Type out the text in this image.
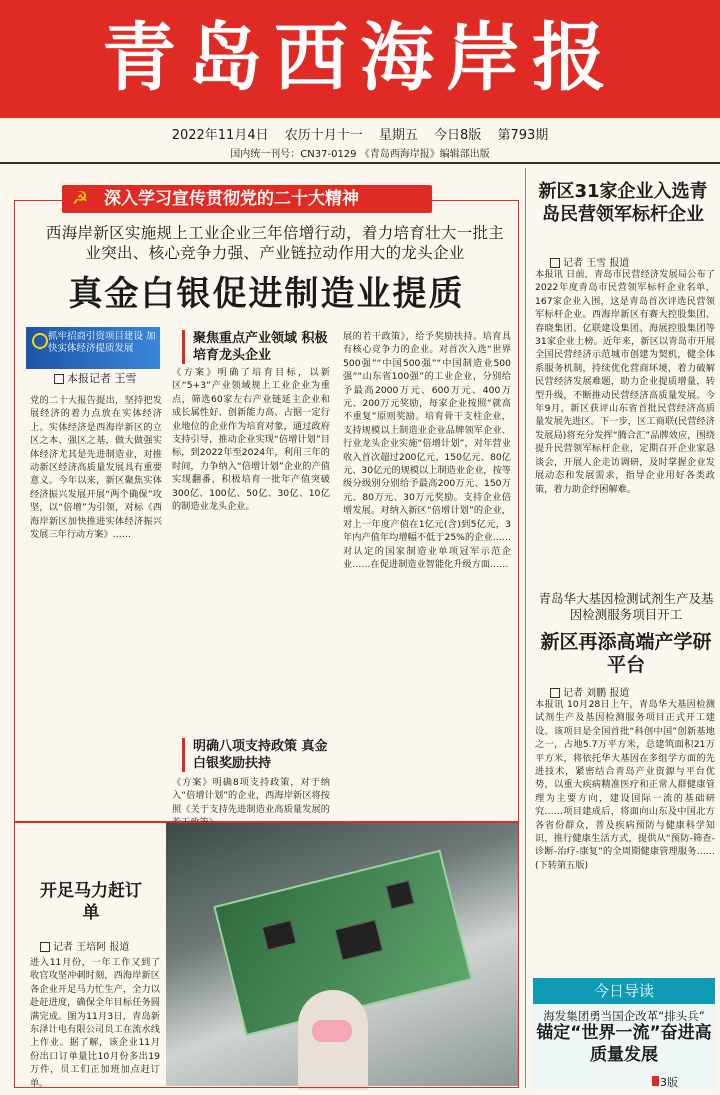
青岛西海岸报
2022年11月4日 农历十月十一 星期五 今日8版 第793期
国内统一刊号：CN37-0129 《青岛西海岸报》编辑部出版
深入学习宣传贯彻党的二十大精神
☭
西海岸新区实施规上工业企业三年倍增行动，着力培育壮大一批主业突出、核心竞争力强、产业链拉动作用大的龙头企业
真金白银促进制造业提质
抓牢招商引资项目建设 加快实体经济提质发展
本报记者 王雪
党的二十大报告提出，坚持把发展经济的着力点放在实体经济上。实体经济是西海岸新区的立区之本、强区之基，做大做强实体经济尤其是先进制造业，对推动新区经济高质量发展具有重要意义。今年以来，新区聚焦实体经济振兴发展开展“两个确保”攻坚，以“倍增”为引领，对标《西海岸新区加快推进实体经济振兴发展三年行动方案》……
聚焦重点产业领域 积极培育龙头企业
《方案》明确了培育目标，以新区“5+3”产业领域规上工业企业为重点，筛选60家左右产业链延主企业和成长属性好、创新能力高、占据一定行业地位的企业作为培育对象，通过政府支持引导，推动企业实现“倍增计划”目标，到2022年至2024年，利用三年的时间，力争纳入“倍增计划”企业的产值实现翻番，积极培育一批年产值突破300亿、100亿、50亿、30亿、10亿的制造业龙头企业。
明确八项支持政策 真金白银奖励扶持
《方案》明确8项支持政策，对于纳入“倍增计划”的企业，西海岸新区将按照《关于支持先进制造业高质量发展的
展的若干政策》，给予奖励扶持。培育具有核心竞争力的企业。对首次入选“世界500强”“中国500强”“中国制造业500强”“山东省100强”的工业企业，分别给予最高2000万元、600万元、400万元、200万元奖励，每家企业按照“就高不重复”原则奖励。培育骨干支柱企业，支持规模以上制造业企业品牌领军企业、行业龙头企业实施“倍增计划”，对年营业收入首次超过200亿元、150亿元、80亿元、30亿元的规模以上制造业企业，按等级分级别分别给予最高200万元、150万元、80万元、30万元奖励。支持企业倍增发展。对纳入新区“倍增计划”的企业，对上一年度产值在1亿元(含)到5亿元，3年内产值年均增幅不低于25%的企业……对认定的国家制造业单项冠军示范企业……在促进制造业智能化升级方面……
开足马力赶订单
记者 王培阿 报道
进入11月份，一年工作又到了收官攻坚冲刺时刻，西海岸新区各企业开足马力忙生产，全力以赴赶进度，确保全年目标任务圆满完成。图为11月3日，青岛新东泽计电有限公司员工在流水线上作业。据了解，该企业11月份出口订单量比10月份多出19万件，员工们正加班加点赶订单。
新区31家企业入选青岛民营领军标杆企业
记者 王雪 报道
本报讯 日前，青岛市民营经济发展局公布了2022年度青岛市民营领军标杆企业名单，167家企业入围，这是青岛首次评选民营领军标杆企业。西海岸新区有赛大控股集团、春晓集团、亿联建设集团、海展控股集团等31家企业上榜。近年来，新区以青岛市开展全国民营经济示范城市创建为契机，健全体系服务机制，持续优化营商环境，着力破解民营经济发展难题，助力企业提质增量，转型升级，不断推动民营经济高质量发展。今年9月，新区获评山东省首批民营经济高质量发展先进区。下一步，区工商联(民营经济发展局)将充分发挥“腾合汇”品牌效应，围绕提升民营领军标杆企业，定期召开企业家恳谈会，开展人企走访调研，及时掌握企业发展动态和发展需求，指导企业用好各类政策，着力助企纾困解难。
青岛华大基因检测试剂生产及基因检测服务项目开工
新区再添高端产学研平台
记者 刘鹏 报道
本报讯 10月28日上午，青岛华大基因检测试剂生产及基因检测服务项目正式开工建设。该项目是全国首批“科创中国”创新基地之一，占地5.7万平方米，总建筑面积21万平方米，将依托华大基因在多组学方面的先进技术，紧密结合青岛产业资源与平台优势，以重大疾病精准医疗和正常人群健康管理为主要方向，建设国际一流的基础研究……项目建成后，将面向山东及中国北方各省份群众，普及疾病预防与健康科学知识，推行健康生活方式，提供从“预防-筛查-诊断-治疗-康复”的全周期健康管理服务……(下转第五版)
今日导读
海发集团勇当国企改革“排头兵”
锚定“世界一流”奋进高质量发展
3版
